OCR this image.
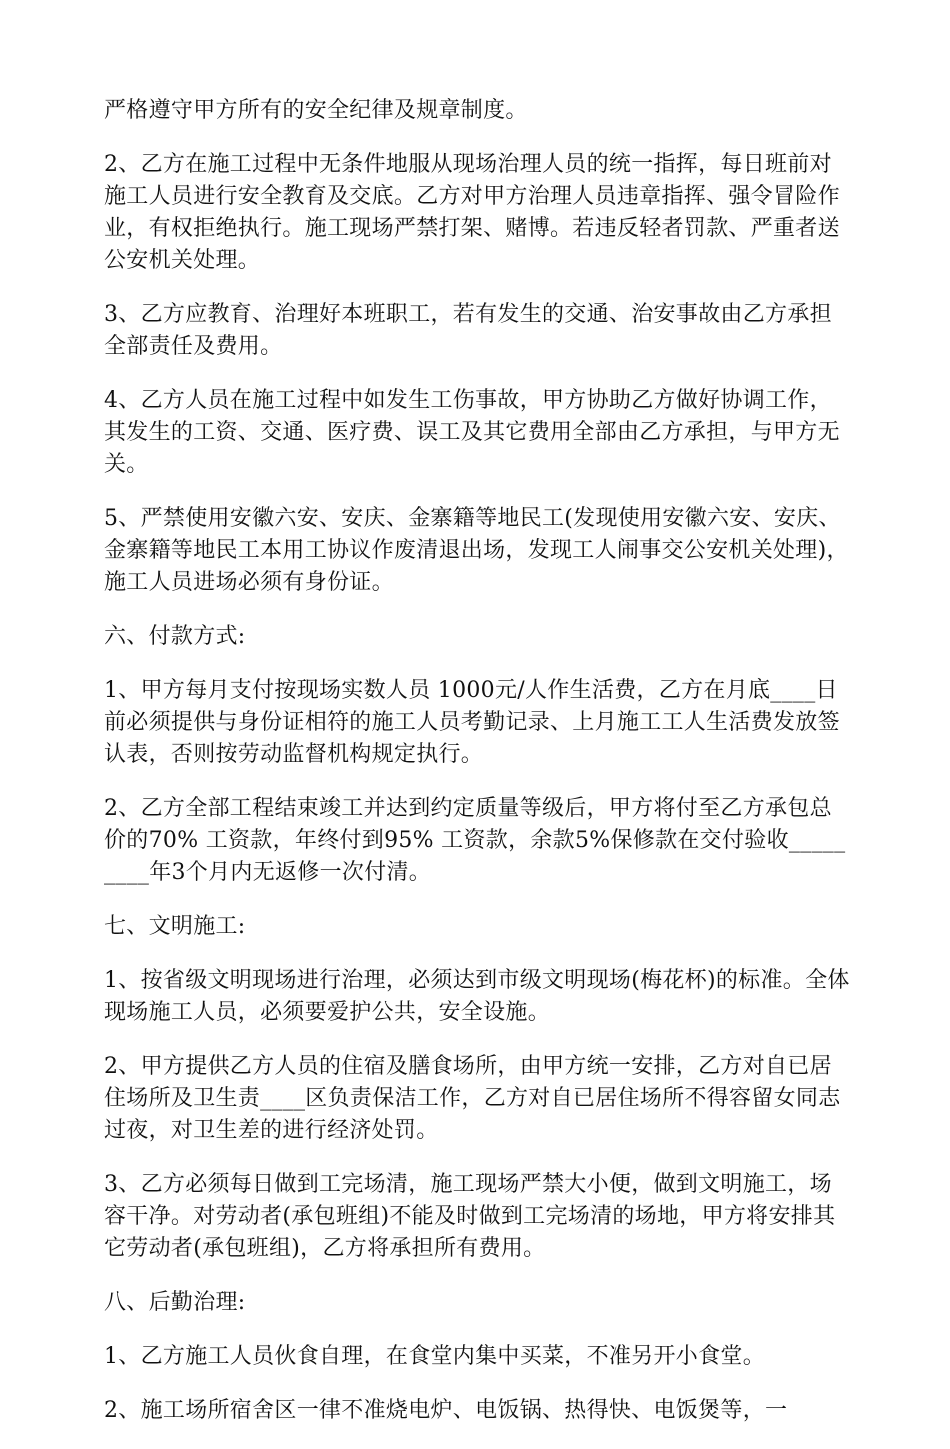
严格遵守甲方所有的安全纪律及规章制度。

2、乙方在施工过程中无条件地服从现场治理人员的统一指挥，每日班前对施工人员进行安全教育及交底。乙方对甲方治理人员违章指挥、强令冒险作业，有权拒绝执行。施工现场严禁打架、赌博。若违反轻者罚款、严重者送公安机关处理。

3、乙方应教育、治理好本班职工，若有发生的交通、治安事故由乙方承担全部责任及费用。

4、乙方人员在施工过程中如发生工伤事故，甲方协助乙方做好协调工作，其发生的工资、交通、医疗费、误工及其它费用全部由乙方承担，与甲方无关。

5、严禁使用安徽六安、安庆、金寨籍等地民工(发现使用安徽六安、安庆、金寨籍等地民工本用工协议作废清退出场，发现工人闹事交公安机关处理)，施工人员进场必须有身份证。

六、付款方式:

1、甲方每月支付按现场实数人员 1000元/人作生活费，乙方在月底____日前必须提供与身份证相符的施工人员考勤记录、上月施工工人生活费发放签认表，否则按劳动监督机构规定执行。

2、乙方全部工程结束竣工并达到约定质量等级后，甲方将付至乙方承包总价的70% 工资款，年终付到95% 工资款，余款5%保修款在交付验收_________年3个月内无返修一次付清。

七、文明施工:

1、按省级文明现场进行治理，必须达到市级文明现场(梅花杯)的标准。全体现场施工人员，必须要爱护公共，安全设施。

2、甲方提供乙方人员的住宿及膳食场所，由甲方统一安排，乙方对自已居住场所及卫生责____区负责保洁工作，乙方对自已居住场所不得容留女同志过夜，对卫生差的进行经济处罚。

3、乙方必须每日做到工完场清，施工现场严禁大小便，做到文明施工，场容干净。对劳动者(承包班组)不能及时做到工完场清的场地，甲方将安排其它劳动者(承包班组)，乙方将承担所有费用。

八、后勤治理:

1、乙方施工人员伙食自理，在食堂内集中买菜，不准另开小食堂。

2、施工场所宿舍区一律不准烧电炉、电饭锅、热得快、电饭煲等，一
